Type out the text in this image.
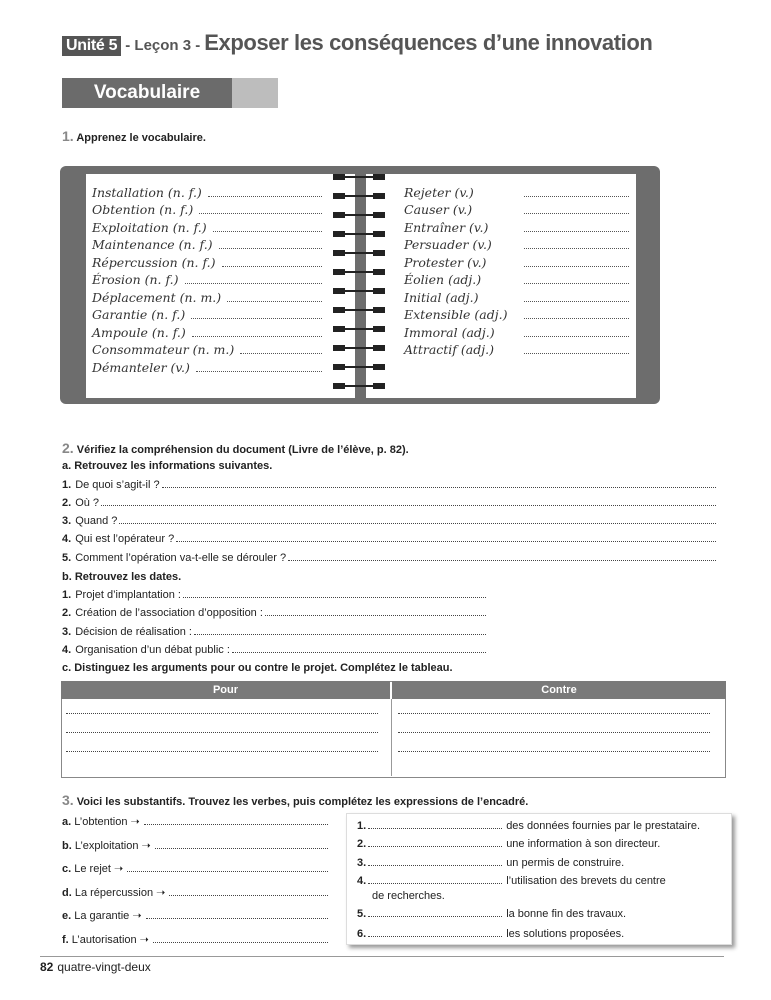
Unité 5 - Leçon 3 - Exposer les conséquences d’une innovation
Vocabulaire
1. Apprenez le vocabulaire.
Installation (n. f.)
Obtention (n. f.)
Exploitation (n. f.)
Maintenance (n. f.)
Répercussion (n. f.)
Érosion (n. f.)
Déplacement (n. m.)
Garantie (n. f.)
Ampoule (n. f.)
Consommateur (n. m.)
Démanteler (v.)
Rejeter (v.)
Causer (v.)
Entraîner (v.)
Persuader (v.)
Protester (v.)
Éolien (adj.)
Initial (adj.)
Extensible (adj.)
Immoral (adj.)
Attractif (adj.)
2. Vérifiez la compréhension du document (Livre de l’élève, p. 82).
a. Retrouvez les informations suivantes.
1. De quoi s’agit-il ?
2. Où ?
3. Quand ?
4. Qui est l’opérateur ?
5. Comment l’opération va-t-elle se dérouler ?
b. Retrouvez les dates.
1. Projet d’implantation :
2. Création de l’association d’opposition :
3. Décision de réalisation :
4. Organisation d’un débat public :
c. Distinguez les arguments pour ou contre le projet. Complétez le tableau.
Pour	Contre
3. Voici les substantifs. Trouvez les verbes, puis complétez les expressions de l’encadré.
a.
L’obtention ➝
b.
L’exploitation ➝
c.
Le rejet ➝
d.
La répercussion ➝
e.
La garantie ➝
f.
L’autorisation ➝
1.	des données fournies par le prestataire.
2.	une information à son directeur.
3.	un permis de construire.
4.	l’utilisation des brevets du centre
de recherches.
5.	la bonne fin des travaux.
6.	les solutions proposées.
82 quatre-vingt-deux
